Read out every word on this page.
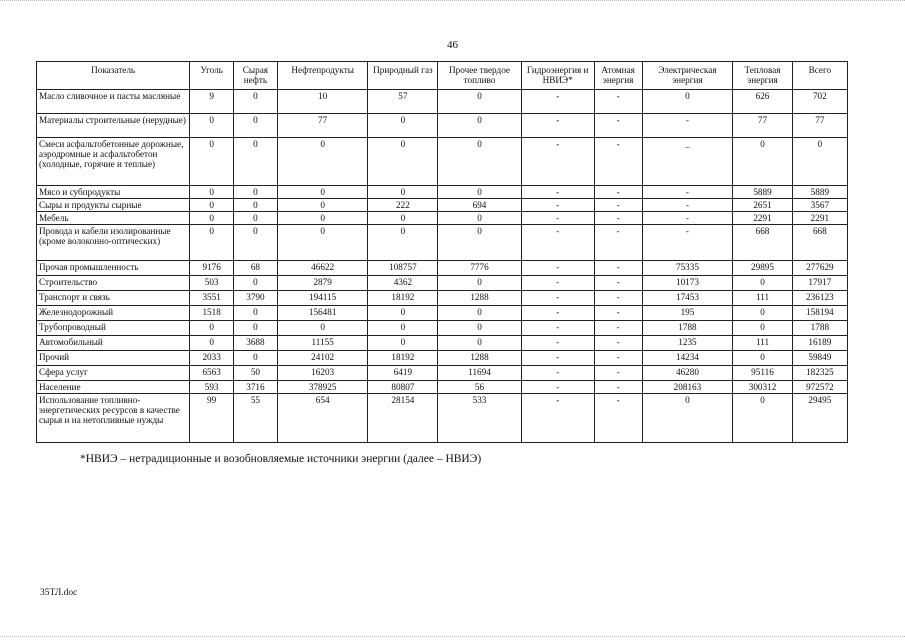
46
Показатель	Уголь	Сырая нефть	Нефтепродукты	Природный газ	Прочее твердое топливо	Гидроэнергия и НВИЭ*	Атомная энергия	Электрическая энергия	Тепловая энергия	Всего
Масло сливочное и пасты масляные	9	0	10	57	0	-	-	0	626	702
Материалы строительные (нерудные)	0	0	77	0	0	-	-	-	77	77
Смеси асфальтобетонные дорожные, аэродромные и асфальтобетон (холодные, горячие и теплые)	0	0	0	0	0	-	-	_	0	0
Мясо и субпродукты	0	0	0	0	0	-	-	-	5889	5889
Сыры и продукты сырные	0	0	0	222	694	-	-	-	2651	3567
Мебель	0	0	0	0	0	-	-	-	2291	2291
Провода и кабели изолированные (кроме волоконно-оптических)	0	0	0	0	0	-	-	-	668	668
Прочая промышленность	9176	68	46622	108757	7776	-	-	75335	29895	277629
Строительство	503	0	2879	4362	0	-	-	10173	0	17917
Транспорт и связь	3551	3790	194115	18192	1288	-	-	17453	111	236123
Железнодорожный	1518	0	156481	0	0	-	-	195	0	158194
Трубопроводный	0	0	0	0	0	-	-	1788	0	1788
Автомобильный	0	3688	11155	0	0	-	-	1235	111	16189
Прочий	2033	0	24102	18192	1288	-	-	14234	0	59849
Сфера услуг	6563	50	16203	6419	11694	-	-	46280	95116	182325
Население	593	3716	378925	80807	56	-	-	208163	300312	972572
Использование топливно-энергетических ресурсов в качестве сырья и на нетопливные нужды	99	55	654	28154	533	-	-	0	0	29495
*НВИЭ – нетрадиционные и возобновляемые источники энергии (далее – НВИЭ)
35ТЛ.doc
